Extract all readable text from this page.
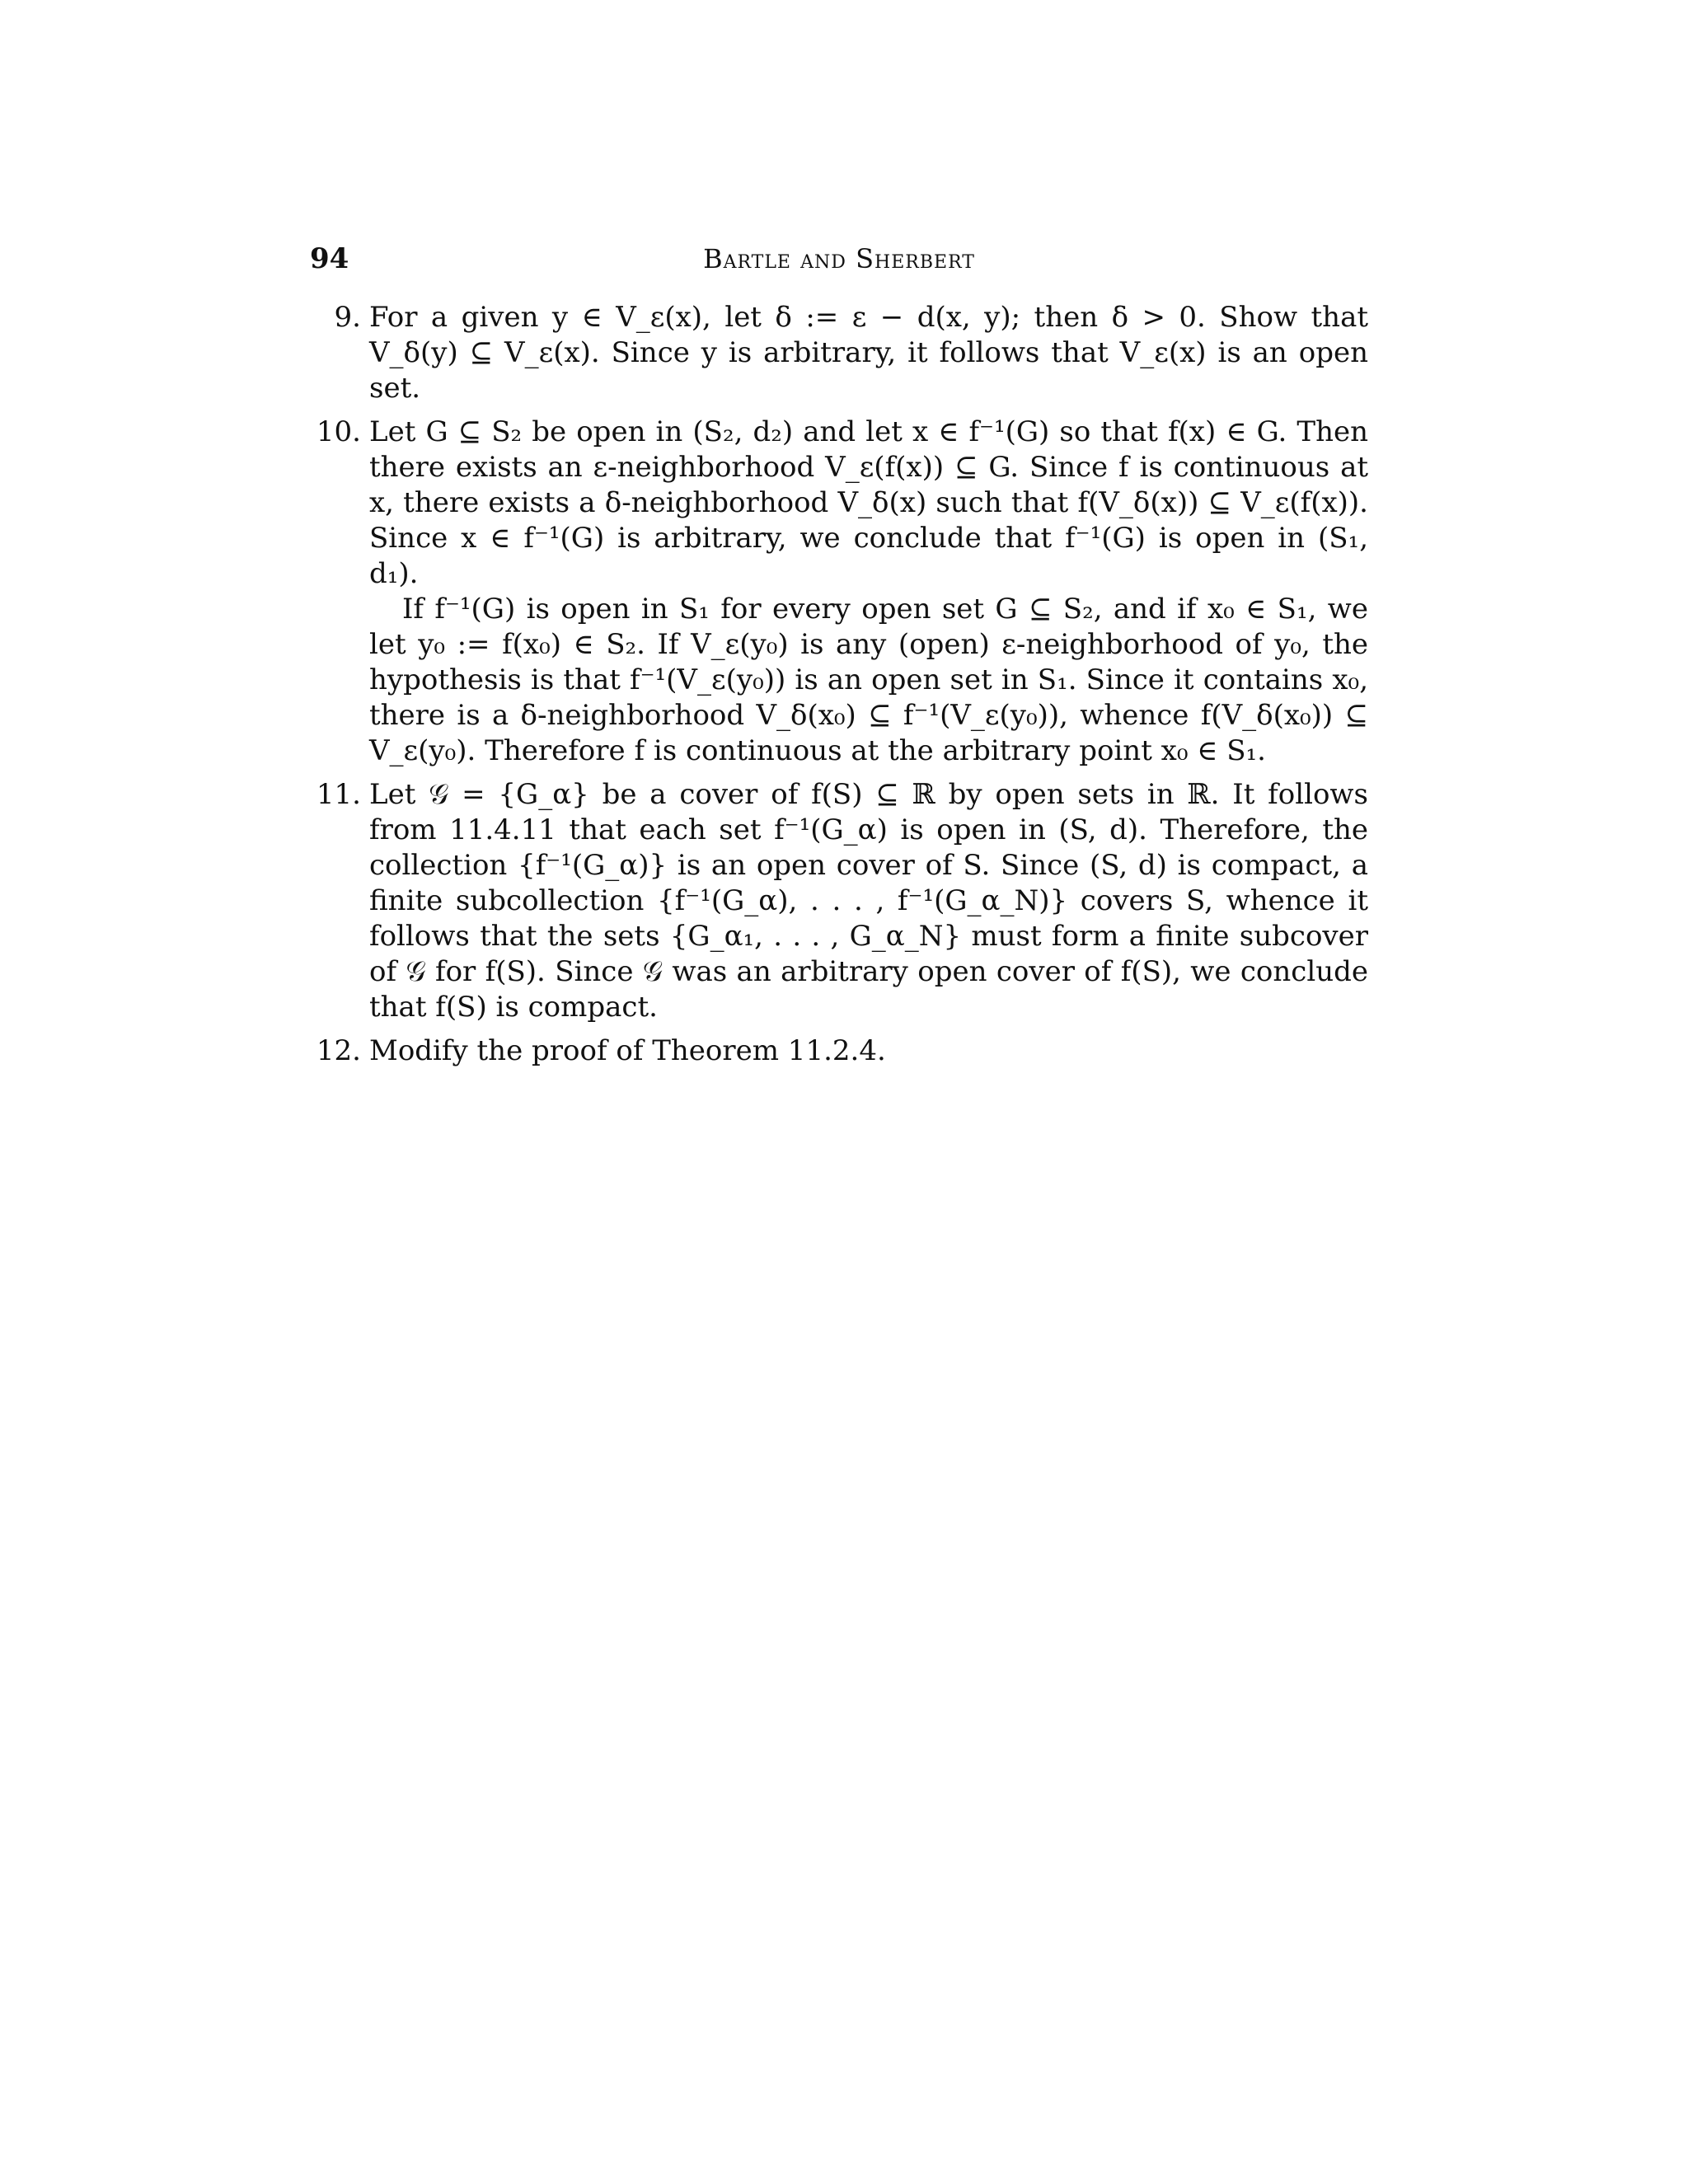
94	Bartle and Sherbert
9. For a given y ∈ V_ε(x), let δ := ε − d(x, y); then δ > 0. Show that V_δ(y) ⊆ V_ε(x). Since y is arbitrary, it follows that V_ε(x) is an open set.

10. Let G ⊆ S₂ be open in (S₂, d₂) and let x ∈ f⁻¹(G) so that f(x) ∈ G. Then there exists an ε-neighborhood V_ε(f(x)) ⊆ G. Since f is continuous at x, there exists a δ-neighborhood V_δ(x) such that f(V_δ(x)) ⊆ V_ε(f(x)). Since x ∈ f⁻¹(G) is arbitrary, we conclude that f⁻¹(G) is open in (S₁, d₁).

If f⁻¹(G) is open in S₁ for every open set G ⊆ S₂, and if x₀ ∈ S₁, we let y₀ := f(x₀) ∈ S₂. If V_ε(y₀) is any (open) ε-neighborhood of y₀, the hypothesis is that f⁻¹(V_ε(y₀)) is an open set in S₁. Since it contains x₀, there is a δ-neighborhood V_δ(x₀) ⊆ f⁻¹(V_ε(y₀)), whence f(V_δ(x₀)) ⊆ V_ε(y₀). Therefore f is continuous at the arbitrary point x₀ ∈ S₁.

11. Let 𝒢 = {G_α} be a cover of f(S) ⊆ ℝ by open sets in ℝ. It follows from 11.4.11 that each set f⁻¹(G_α) is open in (S, d). Therefore, the collection {f⁻¹(G_α)} is an open cover of S. Since (S, d) is compact, a finite subcollection {f⁻¹(G_α), . . . , f⁻¹(G_α_N)} covers S, whence it follows that the sets {G_α₁, . . . , G_α_N} must form a finite subcover of 𝒢 for f(S). Since 𝒢 was an arbitrary open cover of f(S), we conclude that f(S) is compact.

12. Modify the proof of Theorem 11.2.4.
